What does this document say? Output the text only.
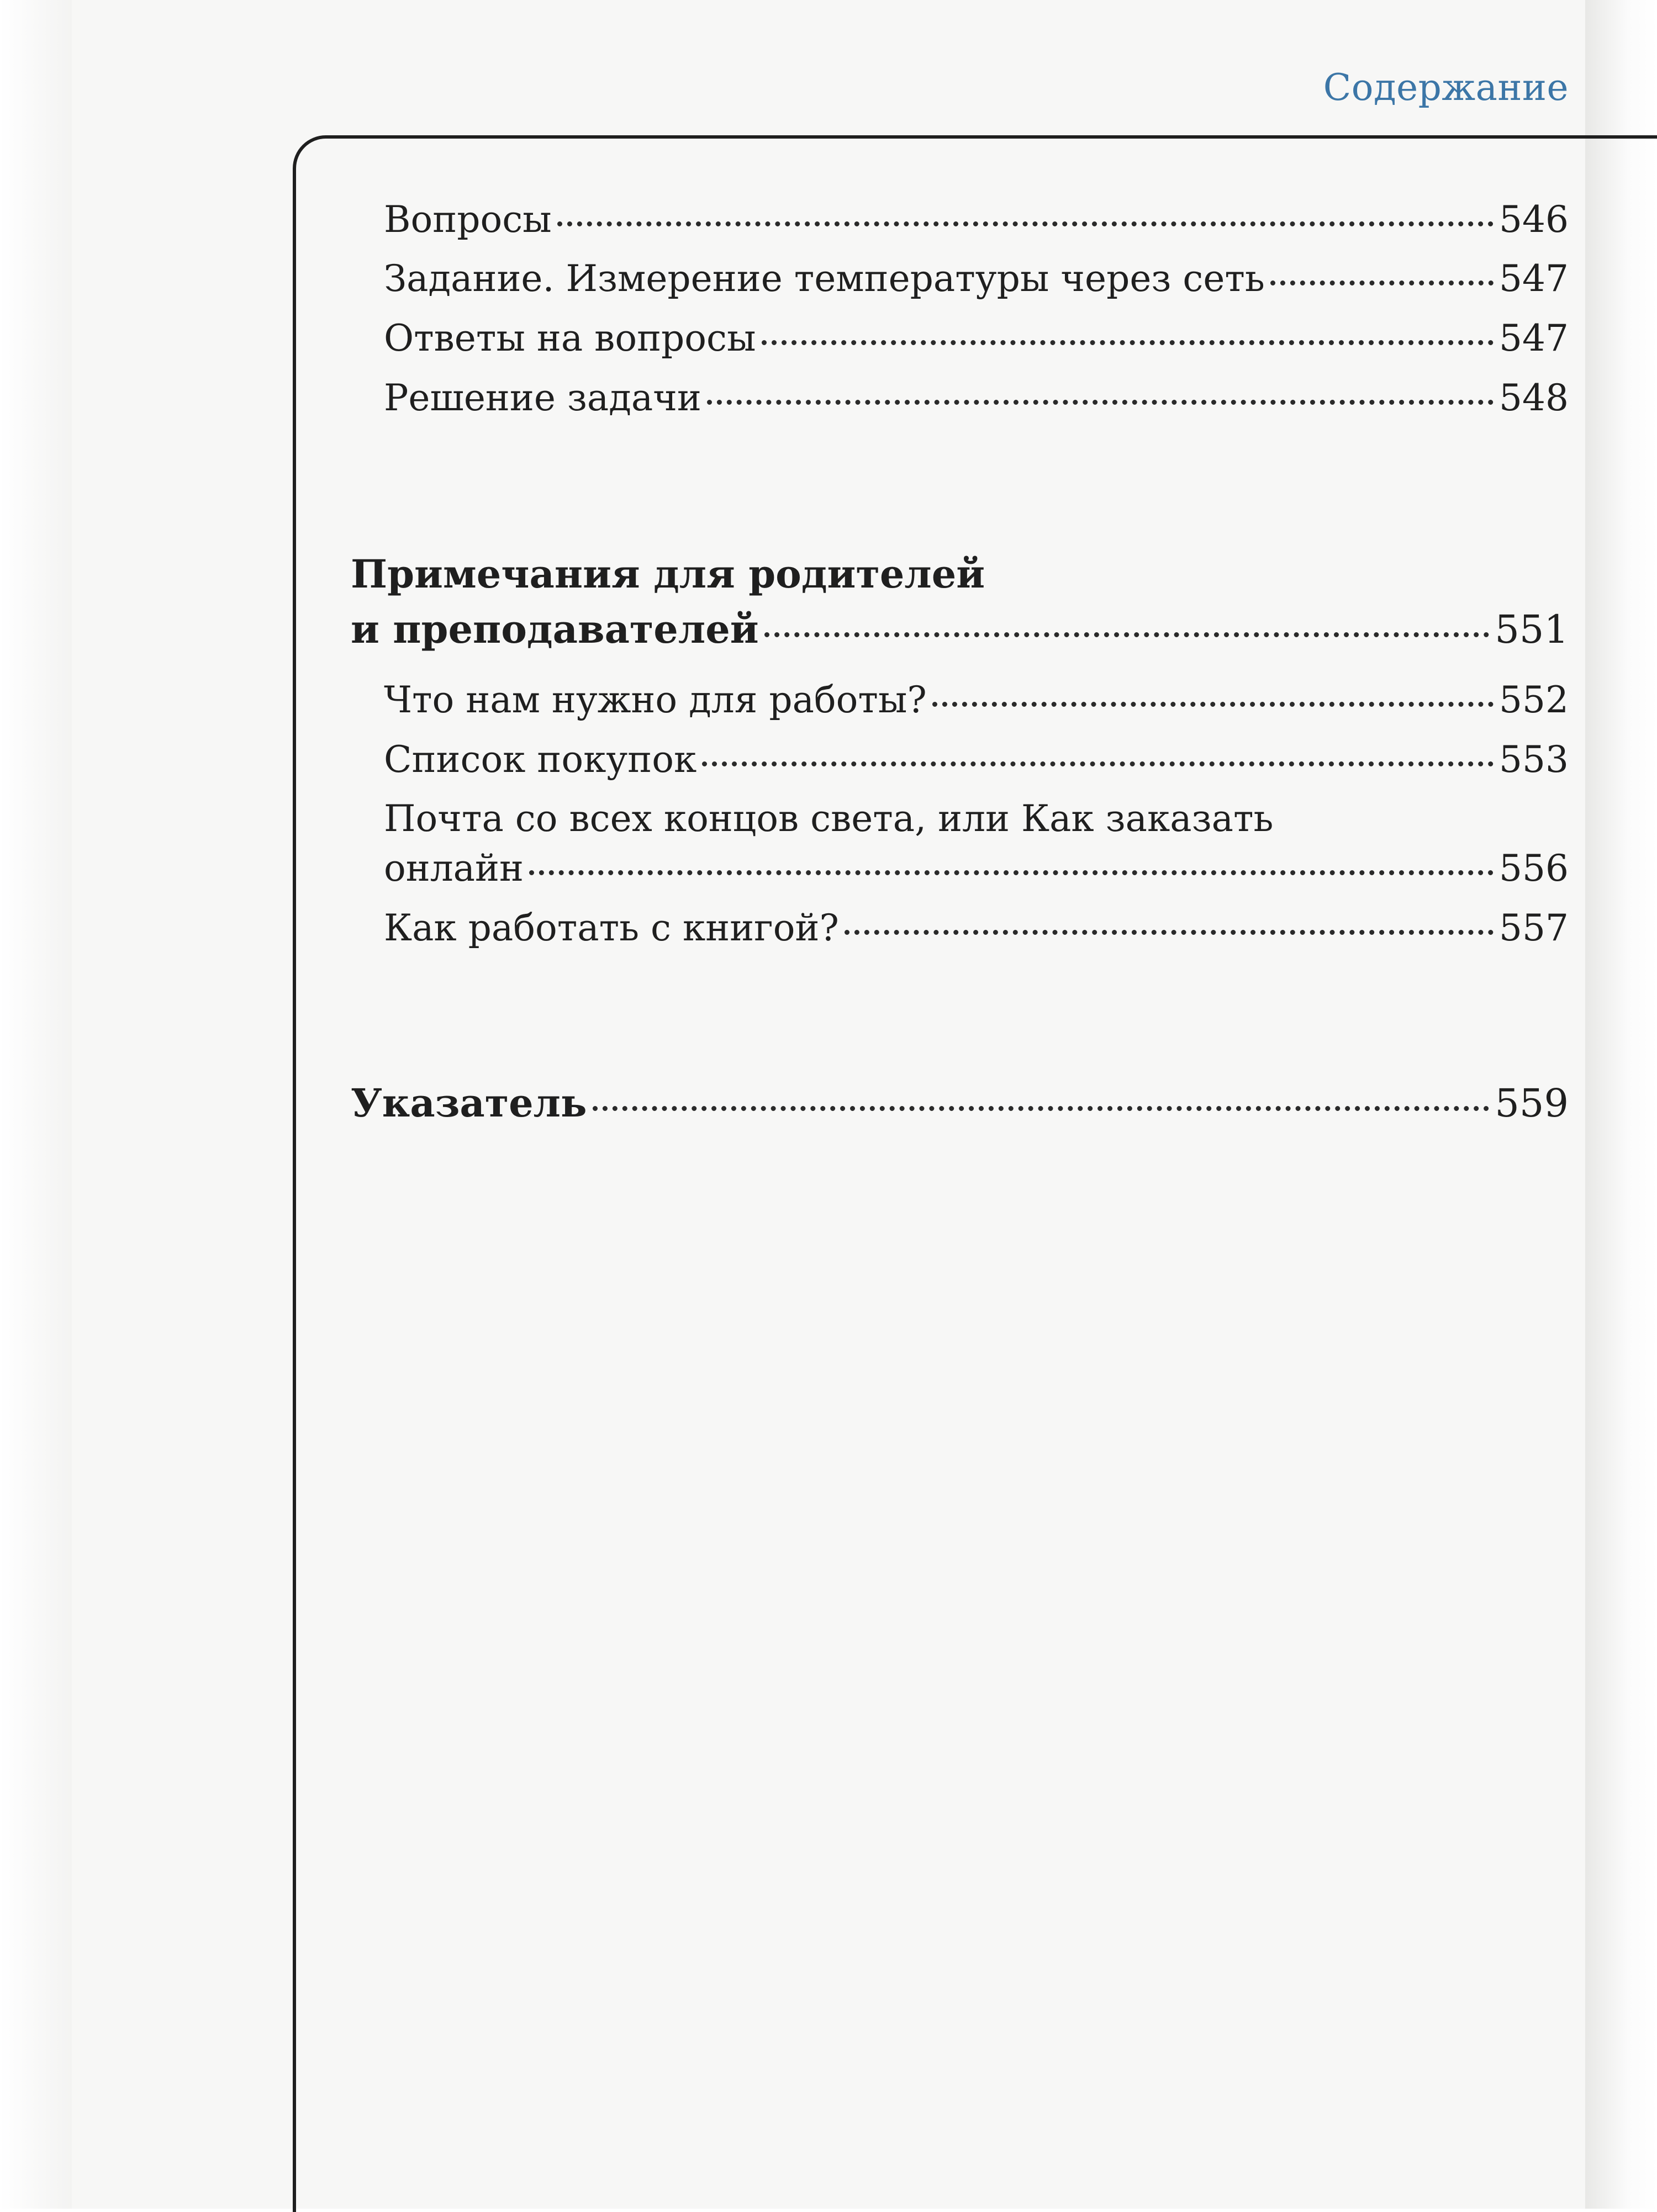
Содержание
Вопросы	546
Задание. Измерение температуры через сеть	547
Ответы на вопросы	547
Решение задачи	548
Примечания для родителей
и преподавателей	551
Что нам нужно для работы?	552
Список покупок	553
Почта со всех концов света, или Как заказать
онлайн	556
Как работать с книгой?	557
Указатель	559
